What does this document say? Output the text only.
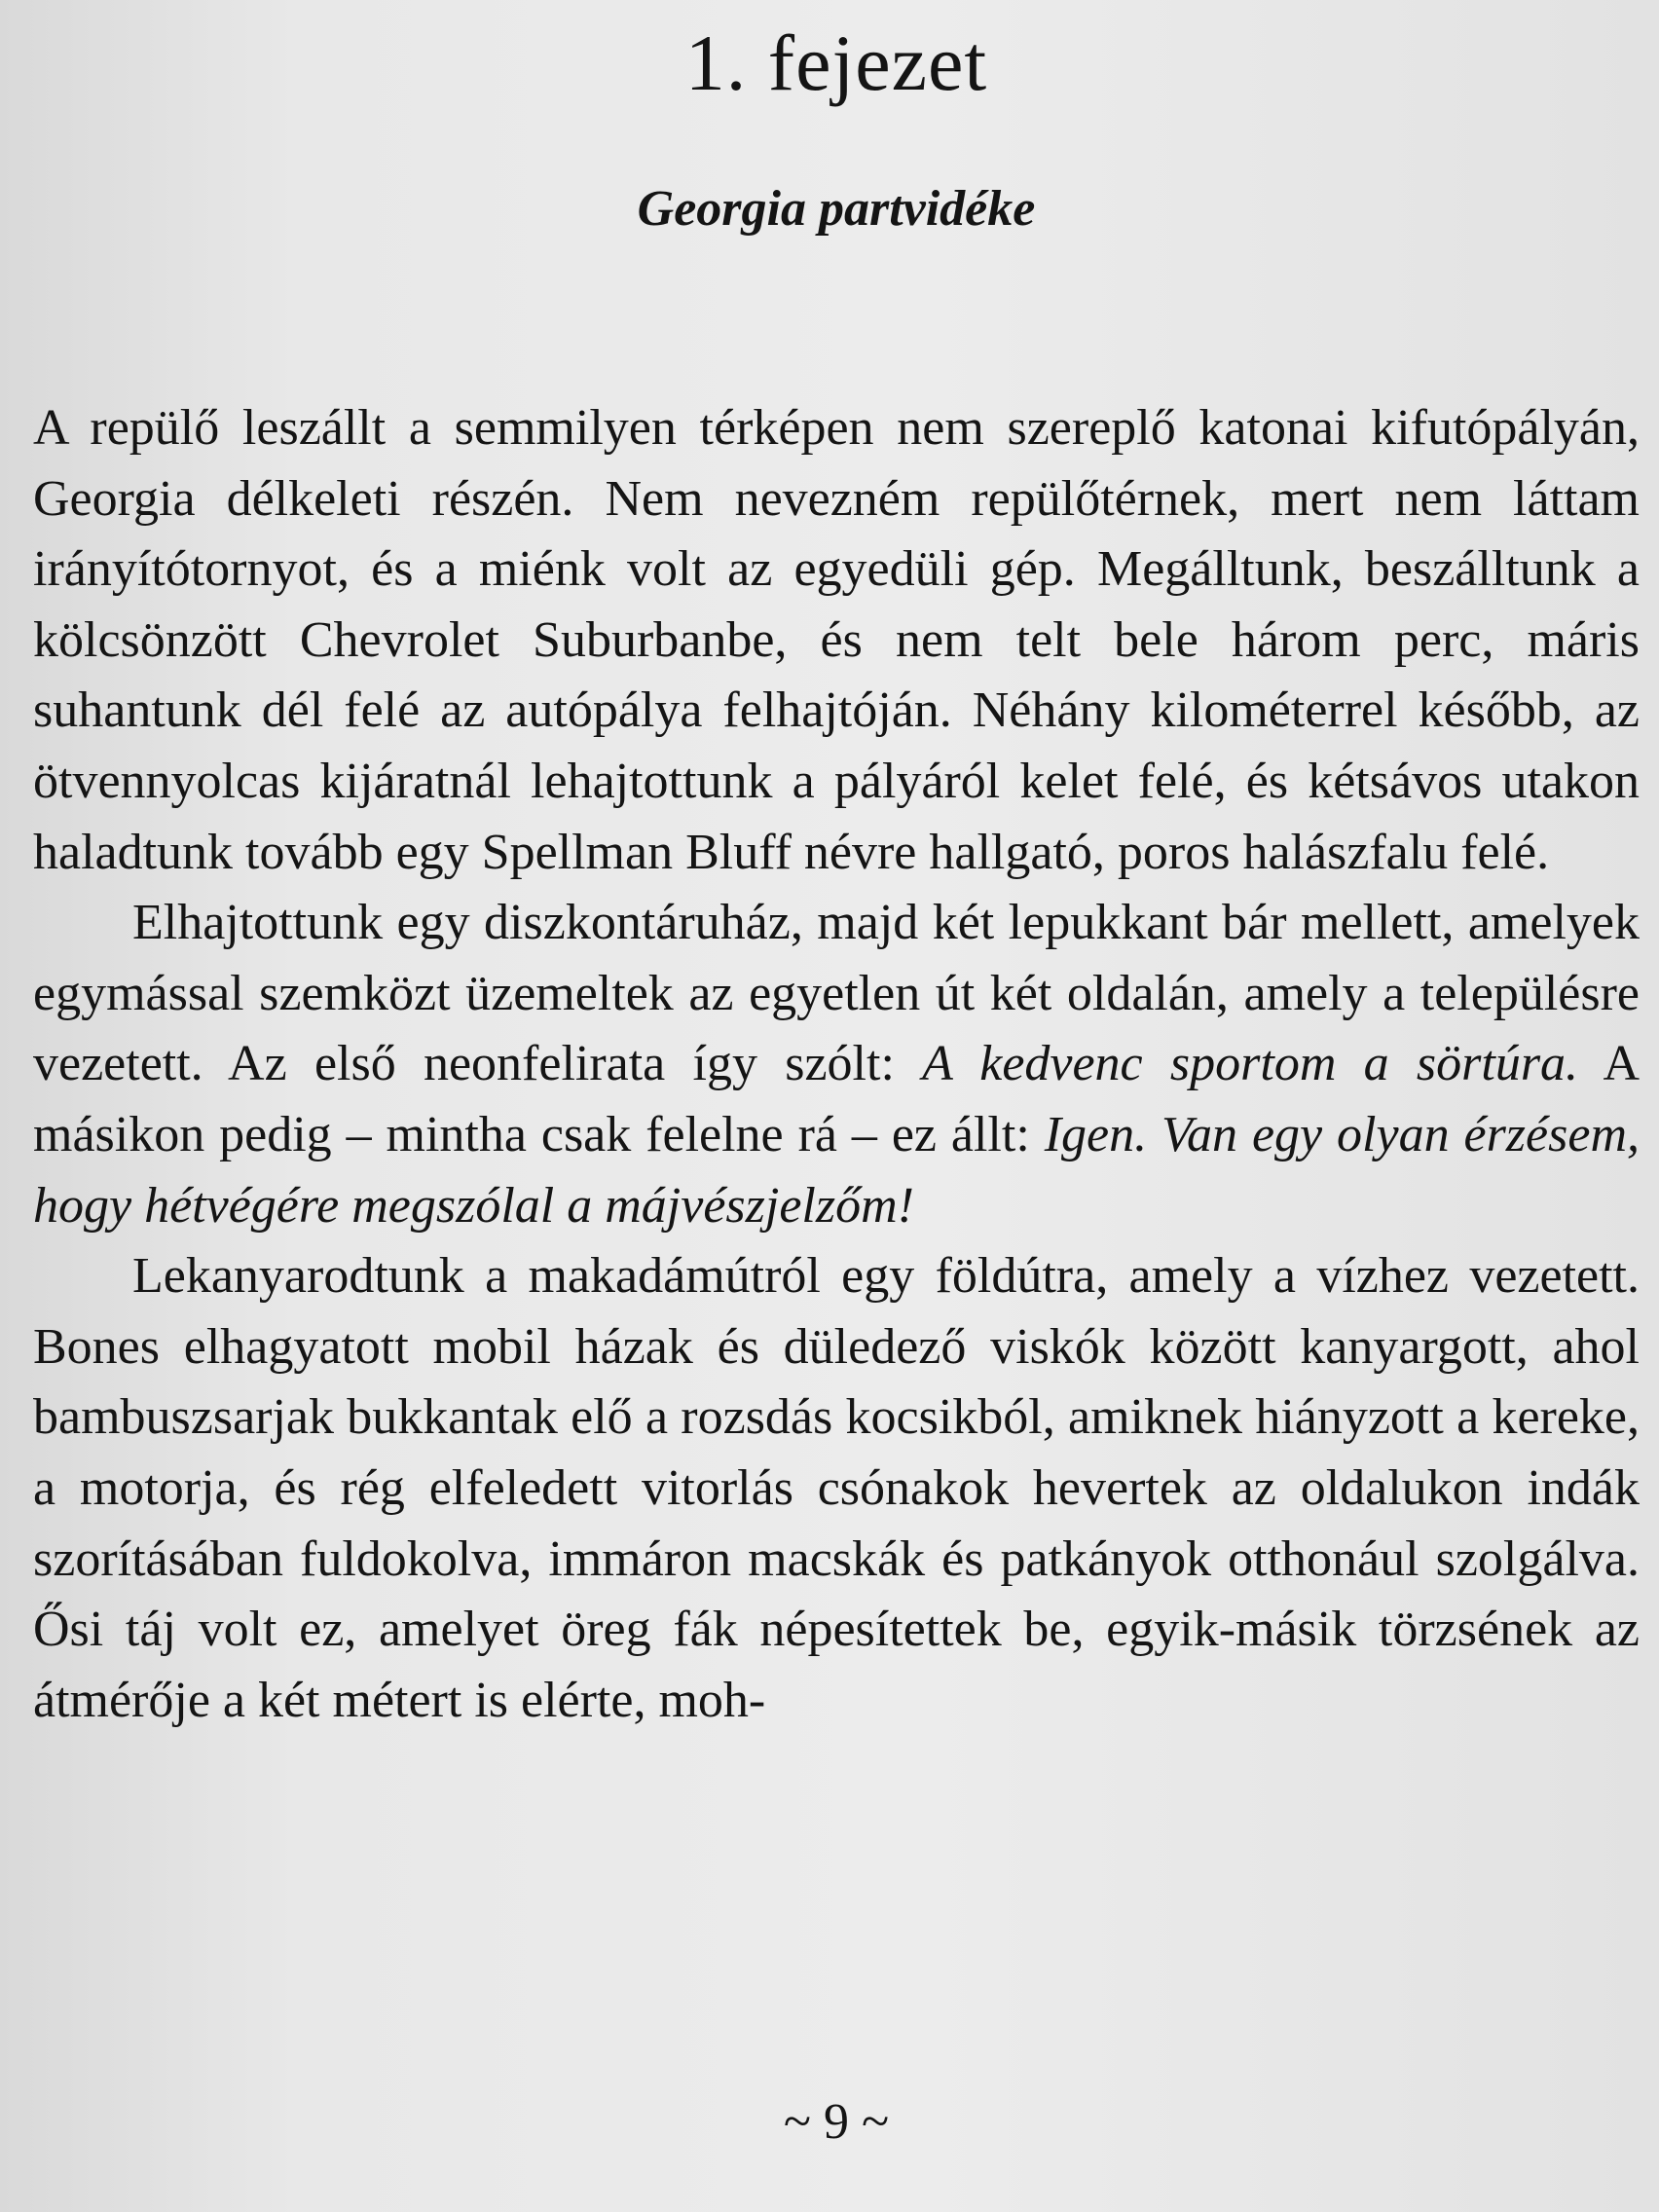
1. fejezet
Georgia partvidéke

A repülő leszállt a semmilyen térképen nem szereplő katonai kifutópályán, Georgia délkeleti részén. Nem nevezném repülőtérnek, mert nem láttam irányítótornyot, és a miénk volt az egyedüli gép. Megálltunk, beszálltunk a kölcsönzött Chevrolet Suburbanbe, és nem telt bele három perc, máris suhantunk dél felé az autópálya felhajtóján. Néhány kilométerrel később, az ötvennyolcas kijáratnál lehajtottunk a pályáról kelet felé, és kétsávos utakon haladtunk tovább egy Spellman Bluff névre hallgató, poros halászfalu felé.

Elhajtottunk egy diszkontáruház, majd két lepukkant bár mellett, amelyek egymással szemközt üzemeltek az egyetlen út két oldalán, amely a településre vezetett. Az első neonfelirata így szólt: A kedvenc sportom a sörtúra. A másikon pedig – mintha csak felelne rá – ez állt: Igen. Van egy olyan érzésem, hogy hétvégére megszólal a májvészjelzőm!

Lekanyarodtunk a makadámútról egy földútra, amely a vízhez vezetett. Bones elhagyatott mobil házak és düledező viskók között kanyargott, ahol bambuszsarjak bukkantak elő a rozsdás kocsikból, amiknek hiányzott a kereke, a motorja, és rég elfeledett vitorlás csónakok hevertek az oldalukon indák szorításában fuldokolva, immáron macskák és patkányok otthonául szolgálva. Ősi táj volt ez, amelyet öreg fák népesítettek be, egyik-másik törzsének az átmérője a két métert is elérte, moh-

~ 9 ~
